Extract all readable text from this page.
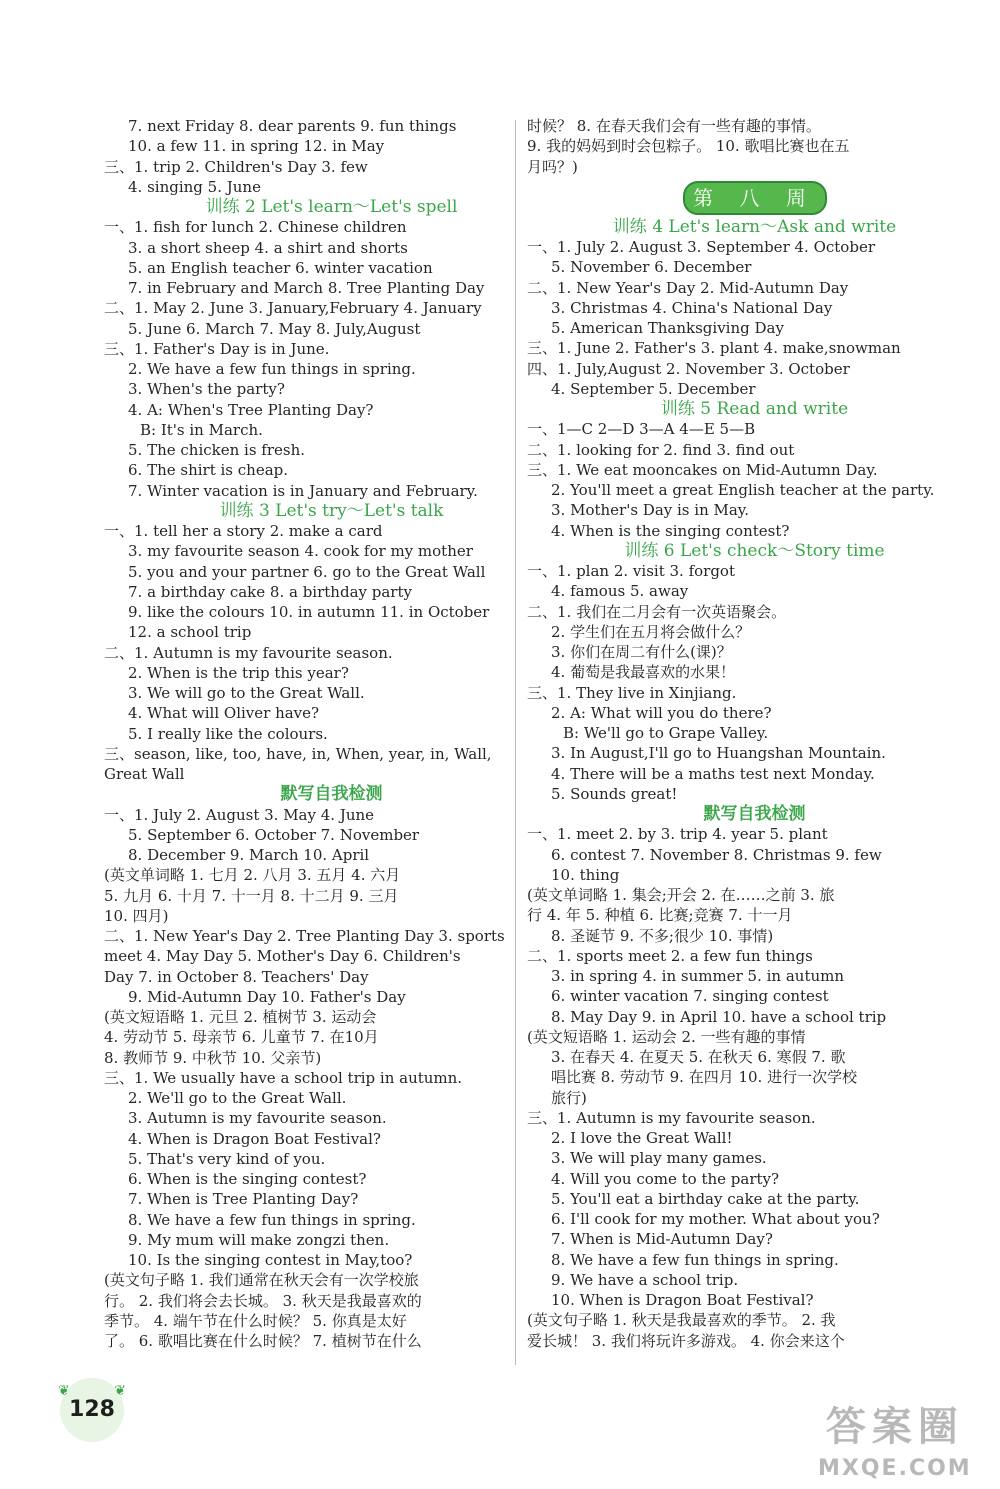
7. next Friday 8. dear parents 9. fun things
10. a few 11. in spring 12. in May
三、1. trip 2. Children's Day 3. few
4. singing 5. June
训练 2 Let's learn～Let's spell
一、1. fish for lunch 2. Chinese children
3. a short sheep 4. a shirt and shorts
5. an English teacher 6. winter vacation
7. in February and March 8. Tree Planting Day
二、1. May 2. June 3. January,February 4. January
5. June 6. March 7. May 8. July,August
三、1. Father's Day is in June.
2. We have a few fun things in spring.
3. When's the party?
4. A: When's Tree Planting Day?
B: It's in March.
5. The chicken is fresh.
6. The shirt is cheap.
7. Winter vacation is in January and February.
训练 3 Let's try～Let's talk
一、1. tell her a story 2. make a card
3. my favourite season 4. cook for my mother
5. you and your partner 6. go to the Great Wall
7. a birthday cake 8. a birthday party
9. like the colours 10. in autumn 11. in October
12. a school trip
二、1. Autumn is my favourite season.
2. When is the trip this year?
3. We will go to the Great Wall.
4. What will Oliver have?
5. I really like the colours.
三、season, like, too, have, in, When, year, in, Wall,
Great Wall
默写自我检测
一、1. July 2. August 3. May 4. June
5. September 6. October 7. November
8. December 9. March 10. April
(英文单词略 1. 七月 2. 八月 3. 五月 4. 六月
5. 九月 6. 十月 7. 十一月 8. 十二月 9. 三月
10. 四月)
二、1. New Year's Day 2. Tree Planting Day 3. sports
meet 4. May Day 5. Mother's Day 6. Children's
Day 7. in October 8. Teachers' Day
9. Mid-Autumn Day 10. Father's Day
(英文短语略 1. 元旦 2. 植树节 3. 运动会
4. 劳动节 5. 母亲节 6. 儿童节 7. 在10月
8. 教师节 9. 中秋节 10. 父亲节)
三、1. We usually have a school trip in autumn.
2. We'll go to the Great Wall.
3. Autumn is my favourite season.
4. When is Dragon Boat Festival?
5. That's very kind of you.
6. When is the singing contest?
7. When is Tree Planting Day?
8. We have a few fun things in spring.
9. My mum will make zongzi then.
10. Is the singing contest in May,too?
(英文句子略 1. 我们通常在秋天会有一次学校旅
行。 2. 我们将会去长城。 3. 秋天是我最喜欢的
季节。 4. 端午节在什么时候？ 5. 你真是太好
了。 6. 歌唱比赛在什么时候？ 7. 植树节在什么
时候？ 8. 在春天我们会有一些有趣的事情。
9. 我的妈妈到时会包粽子。 10. 歌唱比赛也在五
月吗？)
第 八 周
训练 4 Let's learn～Ask and write
一、1. July 2. August 3. September 4. October
5. November 6. December
二、1. New Year's Day 2. Mid-Autumn Day
3. Christmas 4. China's National Day
5. American Thanksgiving Day
三、1. June 2. Father's 3. plant 4. make,snowman
四、1. July,August 2. November 3. October
4. September 5. December
训练 5 Read and write
一、1—C 2—D 3—A 4—E 5—B
二、1. looking for 2. find 3. find out
三、1. We eat mooncakes on Mid-Autumn Day.
2. You'll meet a great English teacher at the party.
3. Mother's Day is in May.
4. When is the singing contest?
训练 6 Let's check～Story time
一、1. plan 2. visit 3. forgot
4. famous 5. away
二、1. 我们在二月会有一次英语聚会。
2. 学生们在五月将会做什么？
3. 你们在周二有什么(课)？
4. 葡萄是我最喜欢的水果！
三、1. They live in Xinjiang.
2. A: What will you do there?
B: We'll go to Grape Valley.
3. In August,I'll go to Huangshan Mountain.
4. There will be a maths test next Monday.
5. Sounds great!
默写自我检测
一、1. meet 2. by 3. trip 4. year 5. plant
6. contest 7. November 8. Christmas 9. few
10. thing
(英文单词略 1. 集会;开会 2. 在……之前 3. 旅
行 4. 年 5. 种植 6. 比赛;竞赛 7. 十一月
8. 圣诞节 9. 不多;很少 10. 事情)
二、1. sports meet 2. a few fun things
3. in spring 4. in summer 5. in autumn
6. winter vacation 7. singing contest
8. May Day 9. in April 10. have a school trip
(英文短语略 1. 运动会 2. 一些有趣的事情
3. 在春天 4. 在夏天 5. 在秋天 6. 寒假 7. 歌
唱比赛 8. 劳动节 9. 在四月 10. 进行一次学校
旅行)
三、1. Autumn is my favourite season.
2. I love the Great Wall!
3. We will play many games.
4. Will you come to the party?
5. You'll eat a birthday cake at the party.
6. I'll cook for my mother. What about you?
7. When is Mid-Autumn Day?
8. We have a few fun things in spring.
9. We have a school trip.
10. When is Dragon Boat Festival?
(英文句子略 1. 秋天是我最喜欢的季节。 2. 我
爱长城！ 3. 我们将玩许多游戏。 4. 你会来这个
❦	❦
128	答案圈
MXQE.COM
